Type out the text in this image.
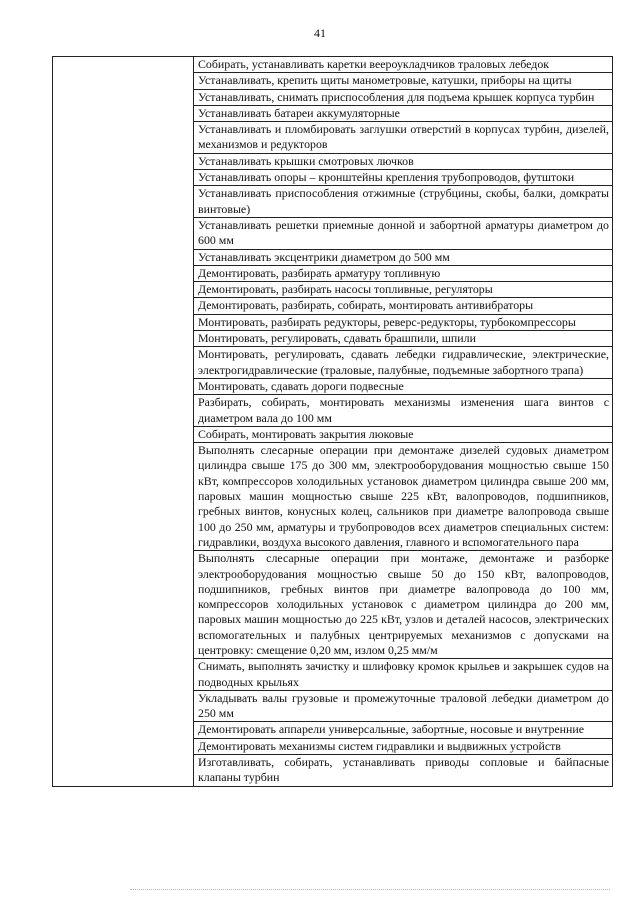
41
	Собирать, устанавливать каретки веероукладчиков траловых лебедок
Устанавливать, крепить щиты манометровые, катушки, приборы на щиты
Устанавливать, снимать приспособления для подъема крышек корпуса турбин
Устанавливать батареи аккумуляторные
Устанавливать и пломбировать заглушки отверстий в корпусах турбин, дизелей, механизмов и редукторов
Устанавливать крышки смотровых лючков
Устанавливать опоры – кронштейны крепления трубопроводов, футштоки
Устанавливать приспособления отжимные (струбцины, скобы, балки, домкраты винтовые)
Устанавливать решетки приемные донной и забортной арматуры диаметром до 600 мм
Устанавливать эксцентрики диаметром до 500 мм
Демонтировать, разбирать арматуру топливную
Демонтировать, разбирать насосы топливные, регуляторы
Демонтировать, разбирать, собирать, монтировать антивибраторы
Монтировать, разбирать редукторы, реверс-редукторы, турбокомпрессоры
Монтировать, регулировать, сдавать брашпили, шпили
Монтировать, регулировать, сдавать лебедки гидравлические, электрические, электрогидравлические (траловые, палубные, подъемные забортного трапа)
Монтировать, сдавать дороги подвесные
Разбирать, собирать, монтировать механизмы изменения шага винтов с диаметром вала до 100 мм
Собирать, монтировать закрытия люковые
Выполнять слесарные операции при демонтаже дизелей судовых диаметром цилиндра свыше 175 до 300 мм, электрооборудования мощностью свыше 150 кВт, компрессоров холодильных установок диаметром цилиндра свыше 200 мм, паровых машин мощностью свыше 225 кВт, валопроводов, подшипников, гребных винтов, конусных колец, сальников при диаметре валопровода свыше 100 до 250 мм, арматуры и трубопроводов всех диаметров специальных систем: гидравлики, воздуха высокого давления, главного и вспомогательного пара
Выполнять слесарные операции при монтаже, демонтаже и разборке электрооборудования мощностью свыше 50 до 150 кВт, валопроводов, подшипников, гребных винтов при диаметре валопровода до 100 мм, компрессоров холодильных установок с диаметром цилиндра до 200 мм, паровых машин мощностью до 225 кВт, узлов и деталей насосов, электрических вспомогательных и палубных центрируемых механизмов с допусками на центровку: смещение 0,20 мм, излом 0,25 мм/м
Снимать, выполнять зачистку и шлифовку кромок крыльев и закрышек судов на подводных крыльях
Укладывать валы грузовые и промежуточные траловой лебедки диаметром до 250 мм
Демонтировать аппарели универсальные, забортные, носовые и внутренние
Демонтировать механизмы систем гидравлики и выдвижных устройств
Изготавливать, собирать, устанавливать приводы сопловые и байпасные клапаны турбин
